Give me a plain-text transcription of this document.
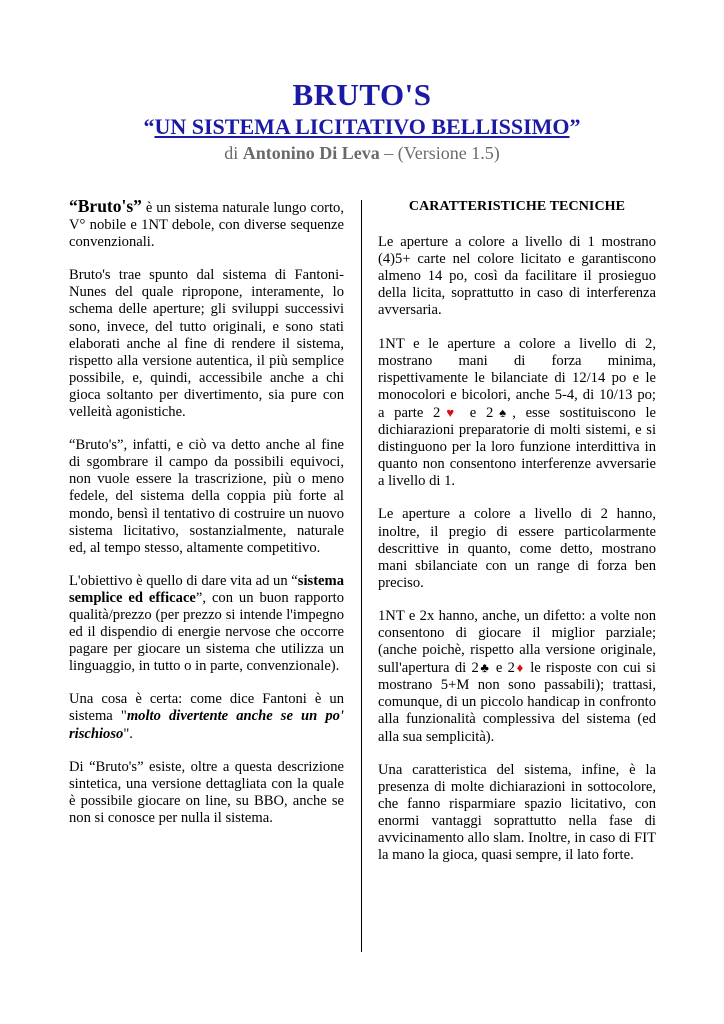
BRUTO'S
“UN SISTEMA LICITATIVO BELLISSIMO”
di Antonino Di Leva – (Versione 1.5)

“Bruto's” è un sistema naturale lungo corto, V° nobile e 1NT debole, con diverse sequenze convenzionali.

Bruto's trae spunto dal sistema di Fantoni-Nunes del quale ripropone, interamente, lo schema delle aperture; gli sviluppi successivi sono, invece, del tutto originali, e sono stati elaborati anche al fine di rendere il sistema, rispetto alla versione autentica, il più semplice possibile, e, quindi, accessibile anche a chi gioca soltanto per divertimento, sia pure con velleità agonistiche.

“Bruto's”, infatti, e ciò va detto anche al fine di sgombrare il campo da possibili equivoci, non vuole essere la trascrizione, più o meno fedele, del sistema della coppia più forte al mondo, bensì il tentativo di costruire un nuovo sistema licitativo, sostanzialmente, naturale ed, al tempo stesso, altamente competitivo.

L'obiettivo è quello di dare vita ad un “sistema semplice ed efficace”, con un buon rapporto qualità/prezzo (per prezzo si intende l'impegno ed il dispendio di energie nervose che occorre pagare per giocare un sistema che utilizza un linguaggio, in tutto o in parte, convenzionale).

Una cosa è certa: come dice Fantoni è un sistema "molto divertente anche se un po' rischioso".

Di “Bruto's” esiste, oltre a questa descrizione sintetica, una versione dettagliata con la quale è possibile giocare on line, su BBO, anche se non si conosce per nulla il sistema.

CARATTERISTICHE TECNICHE

Le aperture a colore a livello di 1 mostrano (4)5+ carte nel colore licitato e garantiscono almeno 14 po, così da facilitare il prosieguo della licita, soprattutto in caso di interferenza avversaria.

1NT e le aperture a colore a livello di 2, mostrano mani di forza minima, rispettivamente le bilanciate di 12/14 po e le monocolori e bicolori, anche 5-4, di 10/13 po; a parte 2♥ e 2♠, esse sostituiscono le dichiarazioni preparatorie di molti sistemi, e si distinguono per la loro funzione interdittiva in quanto non consentono interferenze avversarie a livello di 1.

Le aperture a colore a livello di 2 hanno, inoltre, il pregio di essere particolarmente descrittive in quanto, come detto, mostrano mani sbilanciate con un range di forza ben preciso.

1NT e 2x hanno, anche, un difetto: a volte non consentono di giocare il miglior parziale; (anche poichè, rispetto alla versione originale, sull'apertura di 2♣ e 2♦ le risposte con cui si mostrano 5+M non sono passabili); trattasi, comunque, di un piccolo handicap in confronto alla funzionalità complessiva del sistema (ed alla sua semplicità).

Una caratteristica del sistema, infine, è la presenza di molte dichiarazioni in sottocolore, che fanno risparmiare spazio licitativo, con enormi vantaggi soprattutto nella fase di avvicinamento allo slam. Inoltre, in caso di FIT la mano la gioca, quasi sempre, il lato forte.
